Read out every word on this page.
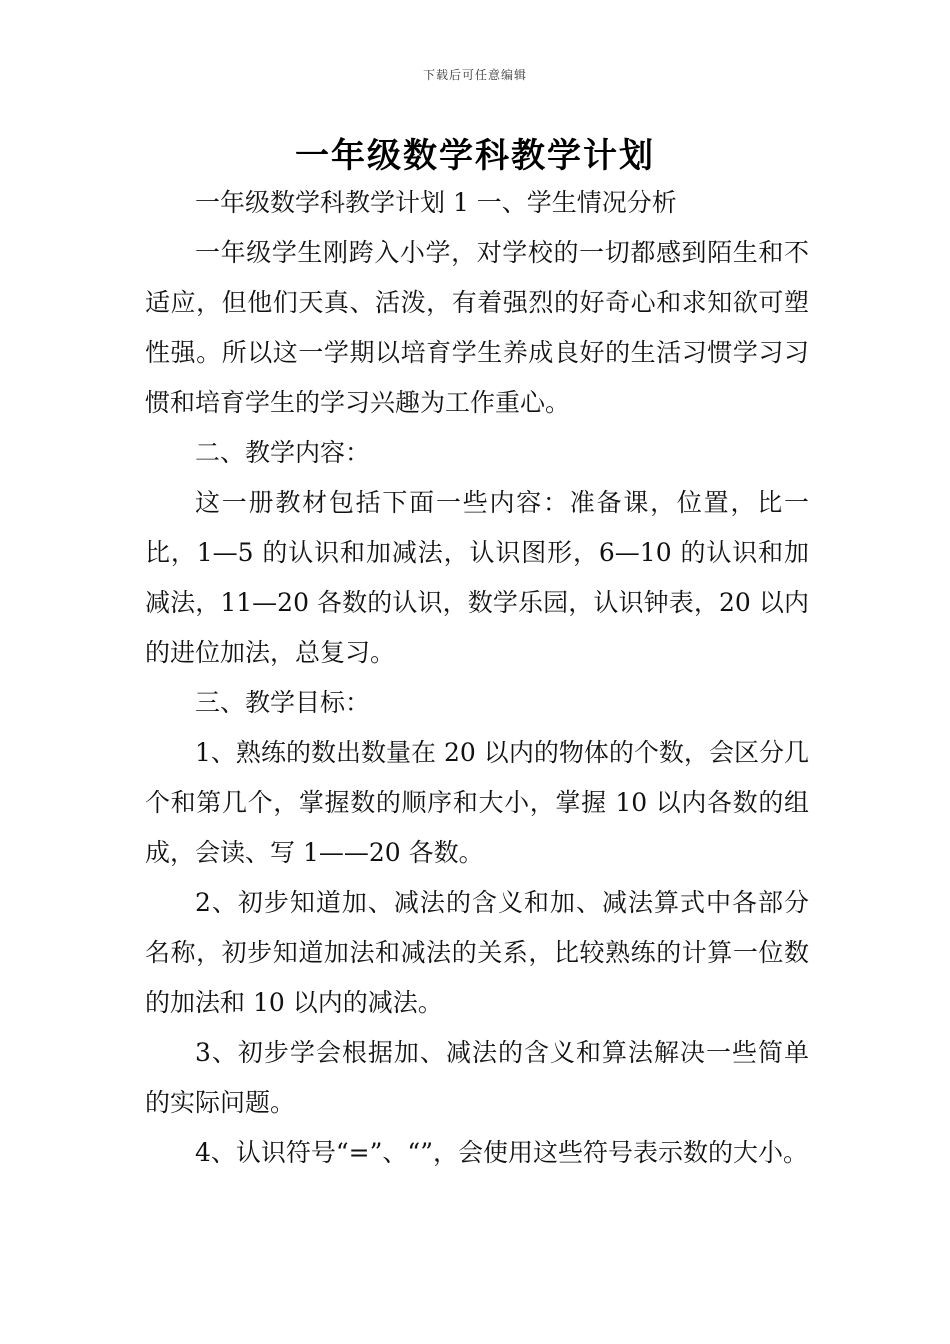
下载后可任意编辑
一年级数学科教学计划

一年级数学科教学计划 1 一、学生情况分析

一年级学生刚跨入小学，对学校的一切都感到陌生和不适应，但他们天真、活泼，有着强烈的好奇心和求知欲可塑性强。所以这一学期以培育学生养成良好的生活习惯学习习惯和培育学生的学习兴趣为工作重心。

二、教学内容：

这一册教材包括下面一些内容：准备课，位置，比一比，1—5 的认识和加减法，认识图形，6—10 的认识和加减法，11—20 各数的认识，数学乐园，认识钟表，20 以内的进位加法，总复习。

三、教学目标：

1、熟练的数出数量在 20 以内的物体的个数，会区分几个和第几个，掌握数的顺序和大小，掌握 10 以内各数的组成，会读、写 1——20 各数。

2、初步知道加、减法的含义和加、减法算式中各部分名称，初步知道加法和减法的关系，比较熟练的计算一位数的加法和 10 以内的减法。

3、初步学会根据加、减法的含义和算法解决一些简单的实际问题。

4、认识符号“=”、“”，会使用这些符号表示数的大小。
